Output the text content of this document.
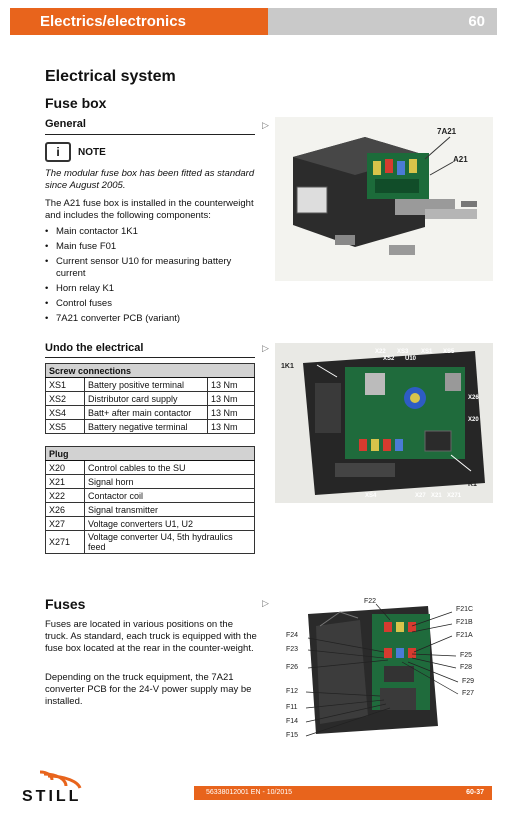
Electrics/electronics	60
Electrical system
Fuse box
General	▷
i	NOTE
The modular fuse box has been fitted as standard since August 2005.
The A21 fuse box is installed in the counterweight and includes the following components:
• Main contactor 1K1
• Main fuse F01
• Current sensor U10 for measuring battery current
• Horn relay K1
• Control fuses
• 7A21 converter PCB (variant)
7A21
A21
Undo the electrical	▷
Screw connections		
XS1	Battery positive terminal	13 Nm
XS2	Distributor card supply	13 Nm
XS4	Batt+ after main contactor	13 Nm
XS5	Battery negative terminal	13 Nm
Plug	
X20	Control cables to the SU
X21	Signal horn
X22	Contactor coil
X26	Signal transmitter
X27	Voltage converters U1, U2
X271	Voltage converter U4, 5th hydraulics feed
1K1
X22 XS3 XS1 XS5
XS2 U10
X26
X20
K1
XS4	X27 X21 X271
Fuses	▷
Fuses are located in various positions on the truck. As standard, each truck is equipped with the fuse box located at the rear in the counter-weight.
Depending on the truck equipment, the 7A21 converter PCB for the 24-V power supply may be installed.
F22
F21C
F21B
F21A
F24
F23
F26
F25
F28
F29
F27
F12
F11
F14
F15
STILL	56338012001 EN - 10/2015	60-37
